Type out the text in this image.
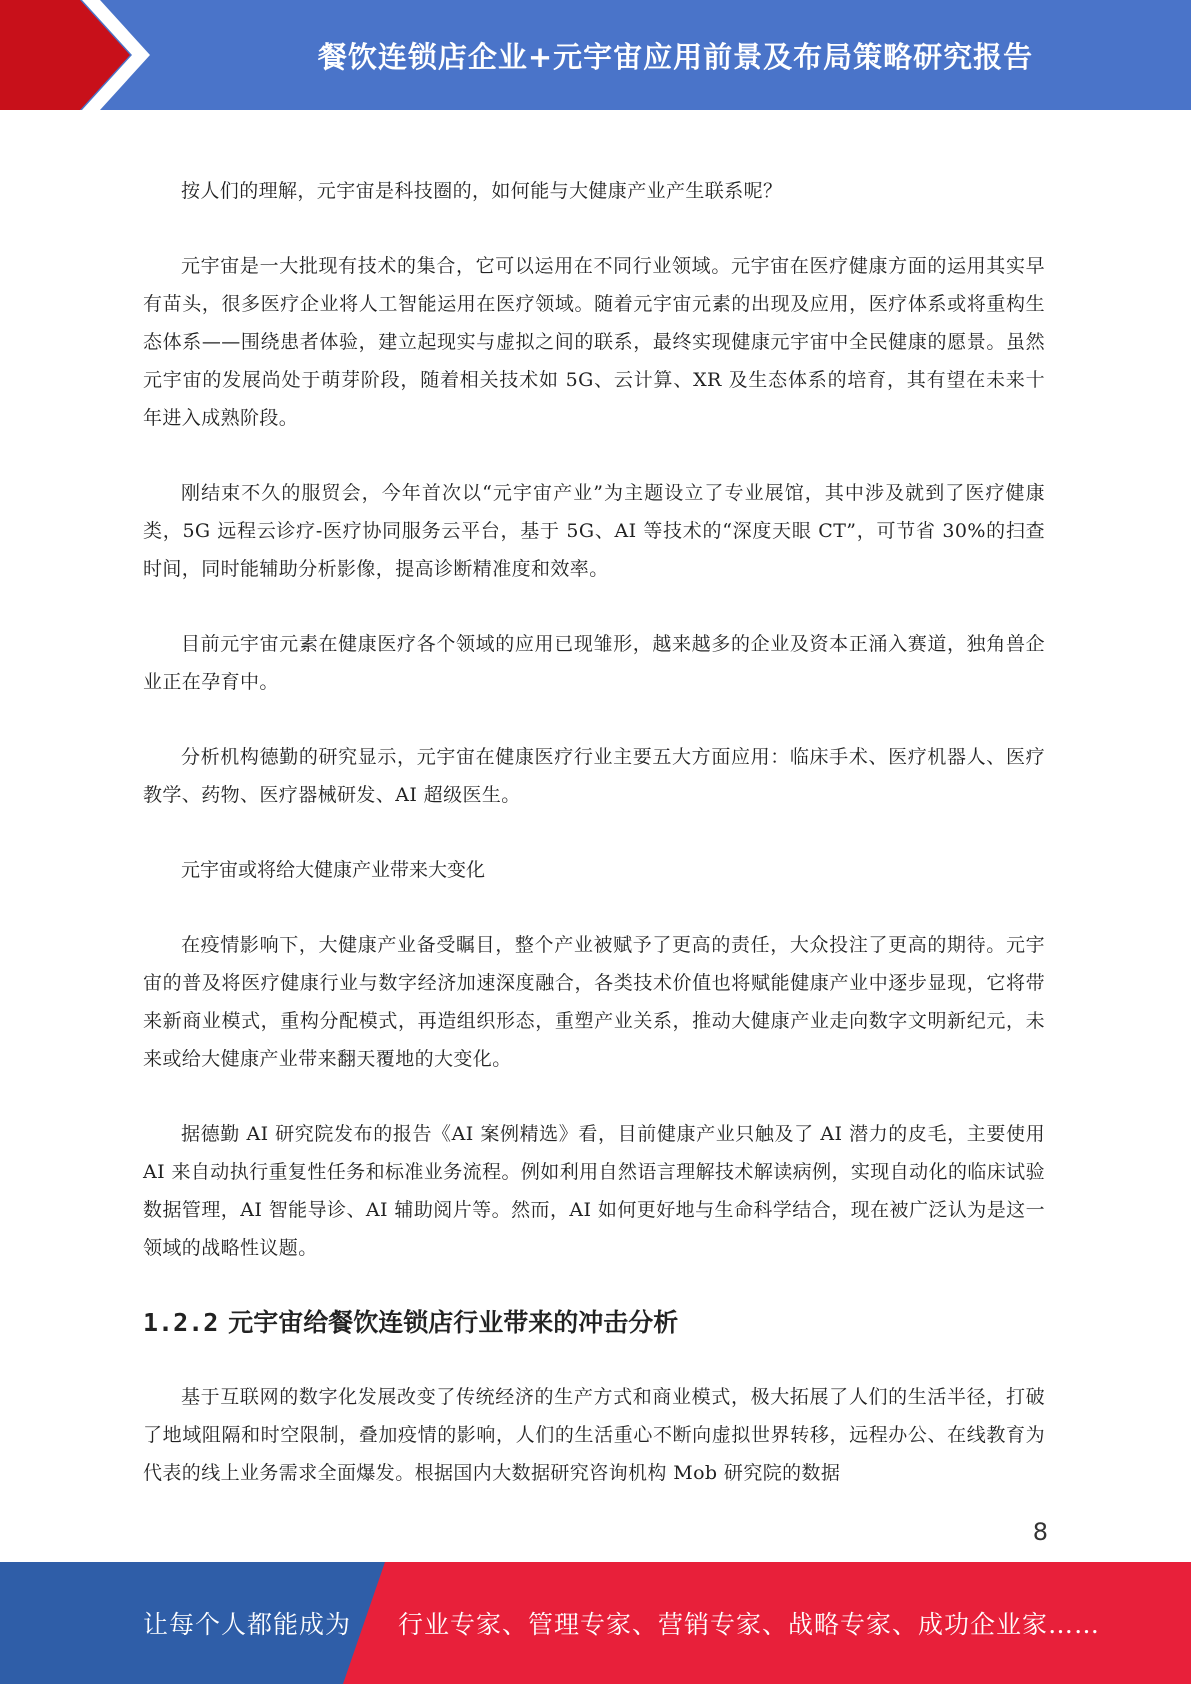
餐饮连锁店企业+元宇宙应用前景及布局策略研究报告

按人们的理解，元宇宙是科技圈的，如何能与大健康产业产生联系呢？

元宇宙是一大批现有技术的集合，它可以运用在不同行业领域。元宇宙在医疗健康方面的运用其实早有苗头，很多医疗企业将人工智能运用在医疗领域。随着元宇宙元素的出现及应用，医疗体系或将重构生态体系——围绕患者体验，建立起现实与虚拟之间的联系，最终实现健康元宇宙中全民健康的愿景。虽然元宇宙的发展尚处于萌芽阶段，随着相关技术如 5G、云计算、XR 及生态体系的培育，其有望在未来十年进入成熟阶段。

刚结束不久的服贸会，今年首次以“元宇宙产业”为主题设立了专业展馆，其中涉及就到了医疗健康类，5G 远程云诊疗-医疗协同服务云平台，基于 5G、AI 等技术的“深度天眼 CT”，可节省 30%的扫查时间，同时能辅助分析影像，提高诊断精准度和效率。

目前元宇宙元素在健康医疗各个领域的应用已现雏形，越来越多的企业及资本正涌入赛道，独角兽企业正在孕育中。

分析机构德勤的研究显示，元宇宙在健康医疗行业主要五大方面应用：临床手术、医疗机器人、医疗教学、药物、医疗器械研发、AI 超级医生。

元宇宙或将给大健康产业带来大变化

在疫情影响下，大健康产业备受瞩目，整个产业被赋予了更高的责任，大众投注了更高的期待。元宇宙的普及将医疗健康行业与数字经济加速深度融合，各类技术价值也将赋能健康产业中逐步显现，它将带来新商业模式，重构分配模式，再造组织形态，重塑产业关系，推动大健康产业走向数字文明新纪元，未来或给大健康产业带来翻天覆地的大变化。

据德勤 AI 研究院发布的报告《AI 案例精选》看，目前健康产业只触及了 AI 潜力的皮毛，主要使用 AI 来自动执行重复性任务和标准业务流程。例如利用自然语言理解技术解读病例，实现自动化的临床试验数据管理，AI 智能导诊、AI 辅助阅片等。然而，AI 如何更好地与生命科学结合，现在被广泛认为是这一领域的战略性议题。

1.2.2 元宇宙给餐饮连锁店行业带来的冲击分析

基于互联网的数字化发展改变了传统经济的生产方式和商业模式，极大拓展了人们的生活半径，打破了地域阻隔和时空限制，叠加疫情的影响，人们的生活重心不断向虚拟世界转移，远程办公、在线教育为代表的线上业务需求全面爆发。根据国内大数据研究咨询机构 Mob 研究院的数据

8
让每个人都能成为 行业专家、管理专家、营销专家、战略专家、成功企业家……
